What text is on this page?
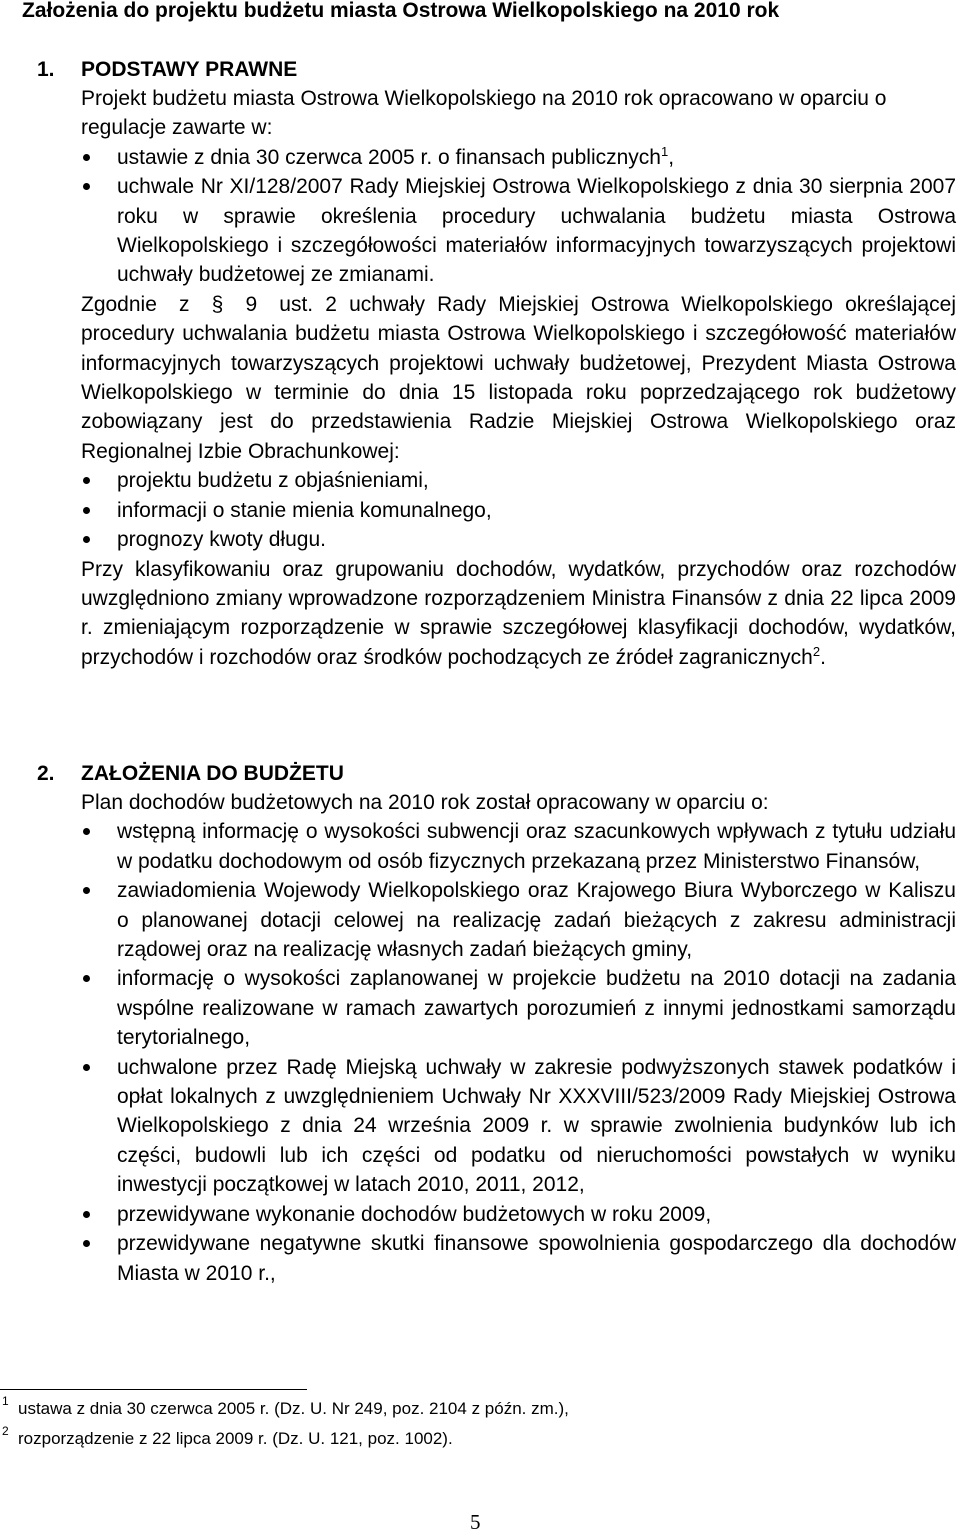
Założenia do projektu budżetu miasta Ostrowa Wielkopolskiego na 2010 rok
1. PODSTAWY PRAWNE

Projekt budżetu miasta Ostrowa Wielkopolskiego na 2010 rok opracowano w oparciu o regulacje zawarte w:

ustawie z dnia 30 czerwca 2005 r. o finansach publicznych$^1$,
uchwale Nr XI/128/2007 Rady Miejskiej Ostrowa Wielkopolskiego z dnia 30 sierpnia 2007 roku w sprawie określenia procedury uchwalania budżetu miasta Ostrowa Wielkopolskiego i szczegółowości materiałów informacyjnych towarzyszących projektowi uchwały budżetowej ze zmianami.

Zgodnie z § 9 ust. 2 uchwały Rady Miejskiej Ostrowa Wielkopolskiego określającej procedury uchwalania budżetu miasta Ostrowa Wielkopolskiego i szczegółowość materiałów informacyjnych towarzyszących projektowi uchwały budżetowej, Prezydent Miasta Ostrowa Wielkopolskiego w terminie do dnia 15 listopada roku poprzedzającego rok budżetowy zobowiązany jest do przedstawienia Radzie Miejskiej Ostrowa Wielkopolskiego oraz Regionalnej Izbie Obrachunkowej:

projektu budżetu z objaśnieniami,
informacji o stanie mienia komunalnego,
prognozy kwoty długu.

Przy klasyfikowaniu oraz grupowaniu dochodów, wydatków, przychodów oraz rozchodów uwzględniono zmiany wprowadzone rozporządzeniem Ministra Finansów z dnia 22 lipca 2009 r. zmieniającym rozporządzenie w sprawie szczegółowej klasyfikacji dochodów, wydatków, przychodów i rozchodów oraz środków pochodzących ze źródeł zagranicznych$^2$.

2. ZAŁOŻENIA DO BUDŻETU

Plan dochodów budżetowych na 2010 rok został opracowany w oparciu o:

wstępną informację o wysokości subwencji oraz szacunkowych wpływach z tytułu udziału w podatku dochodowym od osób fizycznych przekazaną przez Ministerstwo Finansów,
zawiadomienia Wojewody Wielkopolskiego oraz Krajowego Biura Wyborczego w Kaliszu o planowanej dotacji celowej na realizację zadań bieżących z zakresu administracji rządowej oraz na realizację własnych zadań bieżących gminy,
informację o wysokości zaplanowanej w projekcie budżetu na 2010 dotacji na zadania wspólne realizowane w ramach zawartych porozumień z innymi jednostkami samorządu terytorialnego,
uchwalone przez Radę Miejską uchwały w zakresie podwyższonych stawek podatków i opłat lokalnych z uwzględnieniem Uchwały Nr XXXVIII/523/2009 Rady Miejskiej Ostrowa Wielkopolskiego z dnia 24 września 2009 r. w sprawie zwolnienia budynków lub ich części, budowli lub ich części od podatku od nieruchomości powstałych w wyniku inwestycji początkowej w latach 2010, 2011, 2012,
przewidywane wykonanie dochodów budżetowych w roku 2009,
przewidywane negatywne skutki finansowe spowolnienia gospodarczego dla dochodów Miasta w 2010 r.,
1 ustawa z dnia 30 czerwca 2005 r. (Dz. U. Nr 249, poz. 2104 z późn. zm.),
2 rozporządzenie z 22 lipca 2009 r. (Dz. U. 121, poz. 1002).
5
